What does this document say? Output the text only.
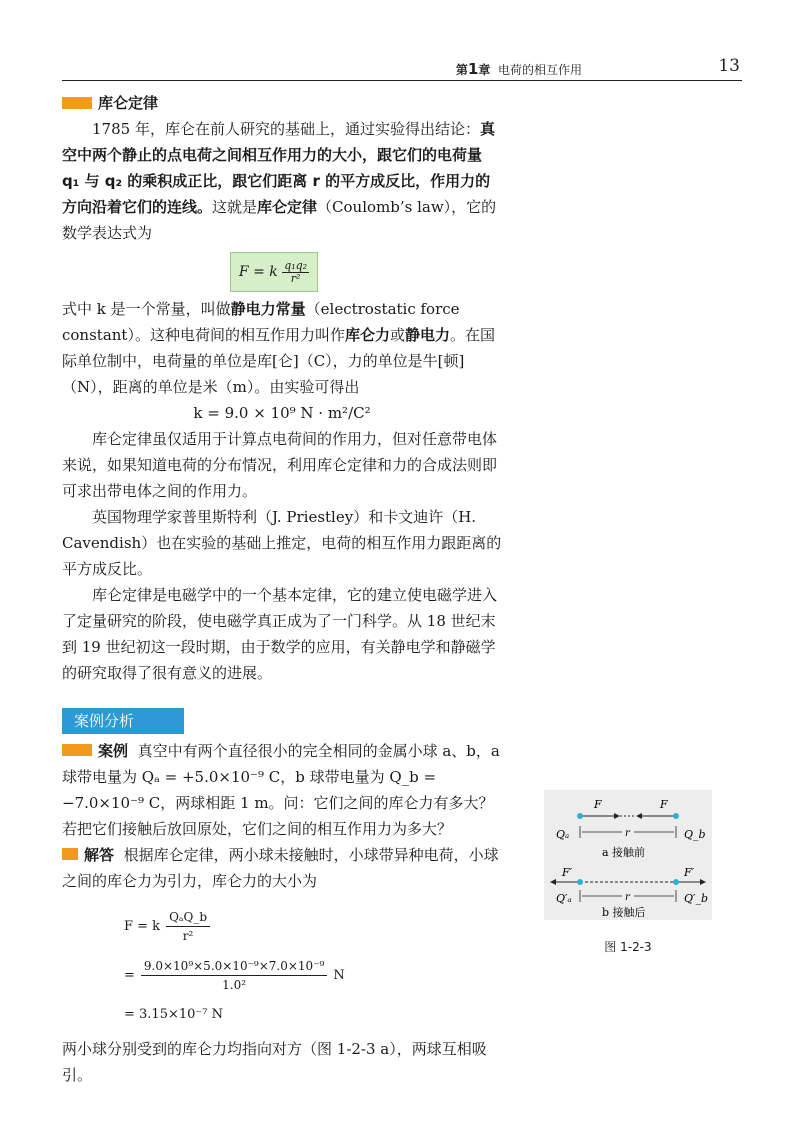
第1章 电荷的相互作用	13
库仑定律

1785 年，库仑在前人研究的基础上，通过实验得出结论：真空中两个静止的点电荷之间相互作用力的大小，跟它们的电荷量 q₁ 与 q₂ 的乘积成正比，跟它们距离 r 的平方成反比，作用力的方向沿着它们的连线。这就是库仑定律（Coulomb’s law），它的数学表达式为

F = k
$\frac{\text{q₁q₂}}{\text{r²}}$

式中 k 是一个常量，叫做静电力常量（electrostatic force constant）。这种电荷间的相互作用力叫作库仑力或静电力。在国际单位制中，电荷量的单位是库[仑]（C），力的单位是牛[顿]（N），距离的单位是米（m）。由实验可得出

k = 9.0 × 10⁹ N · m²/C²

库仑定律虽仅适用于计算点电荷间的作用力，但对任意带电体来说，如果知道电荷的分布情况，利用库仑定律和力的合成法则即可求出带电体之间的作用力。

英国物理学家普里斯特利（J. Priestley）和卡文迪许（H. Cavendish）也在实验的基础上推定，电荷的相互作用力跟距离的平方成反比。

库仑定律是电磁学中的一个基本定律，它的建立使电磁学进入了定量研究的阶段，使电磁学真正成为了一门科学。从 18 世纪末到 19 世纪初这一段时期，由于数学的应用，有关静电学和静磁学的研究取得了很有意义的进展。

案例分析

案例 真空中有两个直径很小的完全相同的金属小球 a、b，a 球带电量为 Qₐ = +5.0×10⁻⁹ C，b 球带电量为 Q_b = −7.0×10⁻⁹ C，两球相距 1 m。问：它们之间的库仑力有多大？若把它们接触后放回原处，它们之间的相互作用力为多大？

解答 根据库仑定律，两小球未接触时，小球带异种电荷，小球之间的库仑力为引力，库仑力的大小为

F = k
QₐQ_b
r²
= $\frac{\text{9.0×10⁹×5.0×10⁻⁹×7.0×10⁻⁹}}{\text{1.0²}}$ N
= 3.15×10⁻⁷ N

两小球分别受到的库仑力均指向对方（图 1-2-3 a），两球互相吸引。

F	F
Qₐ	Q_b
r
a 接触前
F′	F′
Q′ₐ	Q′_b
r
b 接触后
图 1-2-3
